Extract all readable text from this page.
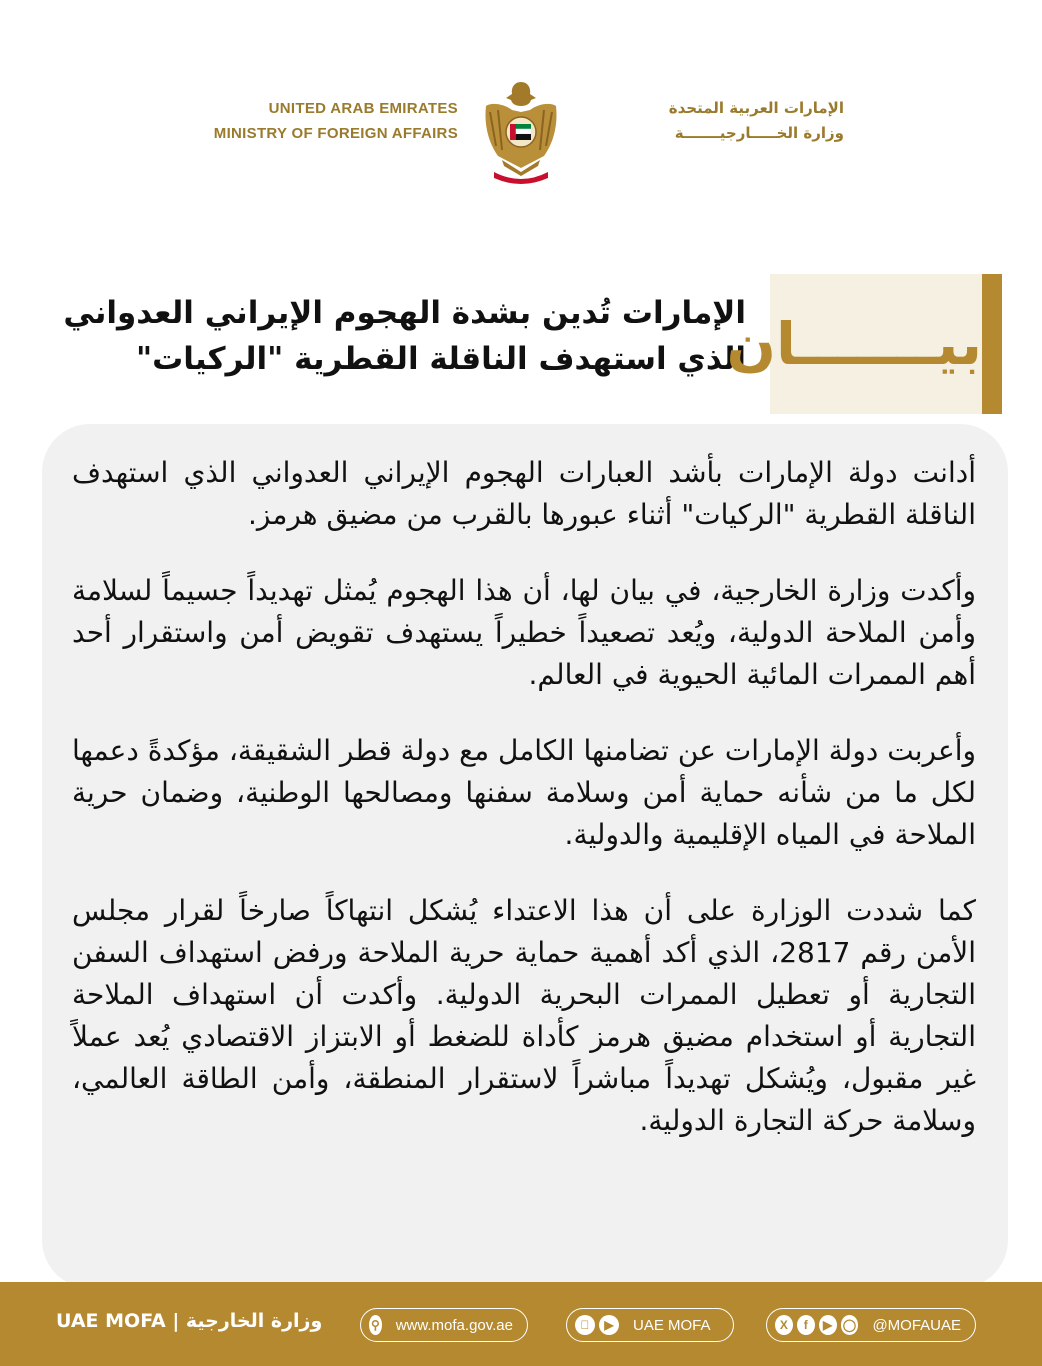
UNITED ARAB EMIRATES
MINISTRY OF FOREIGN AFFAIRS
الإمارات العربية المتحدة
وزارة الخـــــارجيـــــــة
الإمارات تُدين بشدة الهجوم الإيراني العدواني
الذي استهدف الناقلة القطرية "الركيات"
بيـــــــان

أدانت دولة الإمارات بأشد العبارات الهجوم الإيراني العدواني الذي استهدف الناقلة القطرية "الركيات" أثناء عبورها بالقرب من مضيق هرمز.

وأكدت وزارة الخارجية، في بيان لها، أن هذا الهجوم يُمثل تهديداً جسيماً لسلامة وأمن الملاحة الدولية، ويُعد تصعيداً خطيراً يستهدف تقويض أمن واستقرار أحد أهم الممرات المائية الحيوية في العالم.

وأعربت دولة الإمارات عن تضامنها الكامل مع دولة قطر الشقيقة، مؤكدةً دعمها لكل ما من شأنه حماية أمن وسلامة سفنها ومصالحها الوطنية، وضمان حرية الملاحة في المياه الإقليمية والدولية.

كما شددت الوزارة على أن هذا الاعتداء يُشكل انتهاكاً صارخاً لقرار مجلس الأمن رقم 2817، الذي أكد أهمية حماية حرية الملاحة ورفض استهداف السفن التجارية أو تعطيل الممرات البحرية الدولية. وأكدت أن استهداف الملاحة التجارية أو استخدام مضيق هرمز كأداة للضغط أو الابتزاز الاقتصادي يُعد عملاً غير مقبول، ويُشكل تهديداً مباشراً لاستقرار المنطقة، وأمن الطاقة العالمي، وسلامة حركة التجارة الدولية.

UAE MOFA | وزارة الخارجية	⚲ www.mofa.gov.ae	▶	UAE MOFA	X	f	▶ ◯ @MOFAUAE
